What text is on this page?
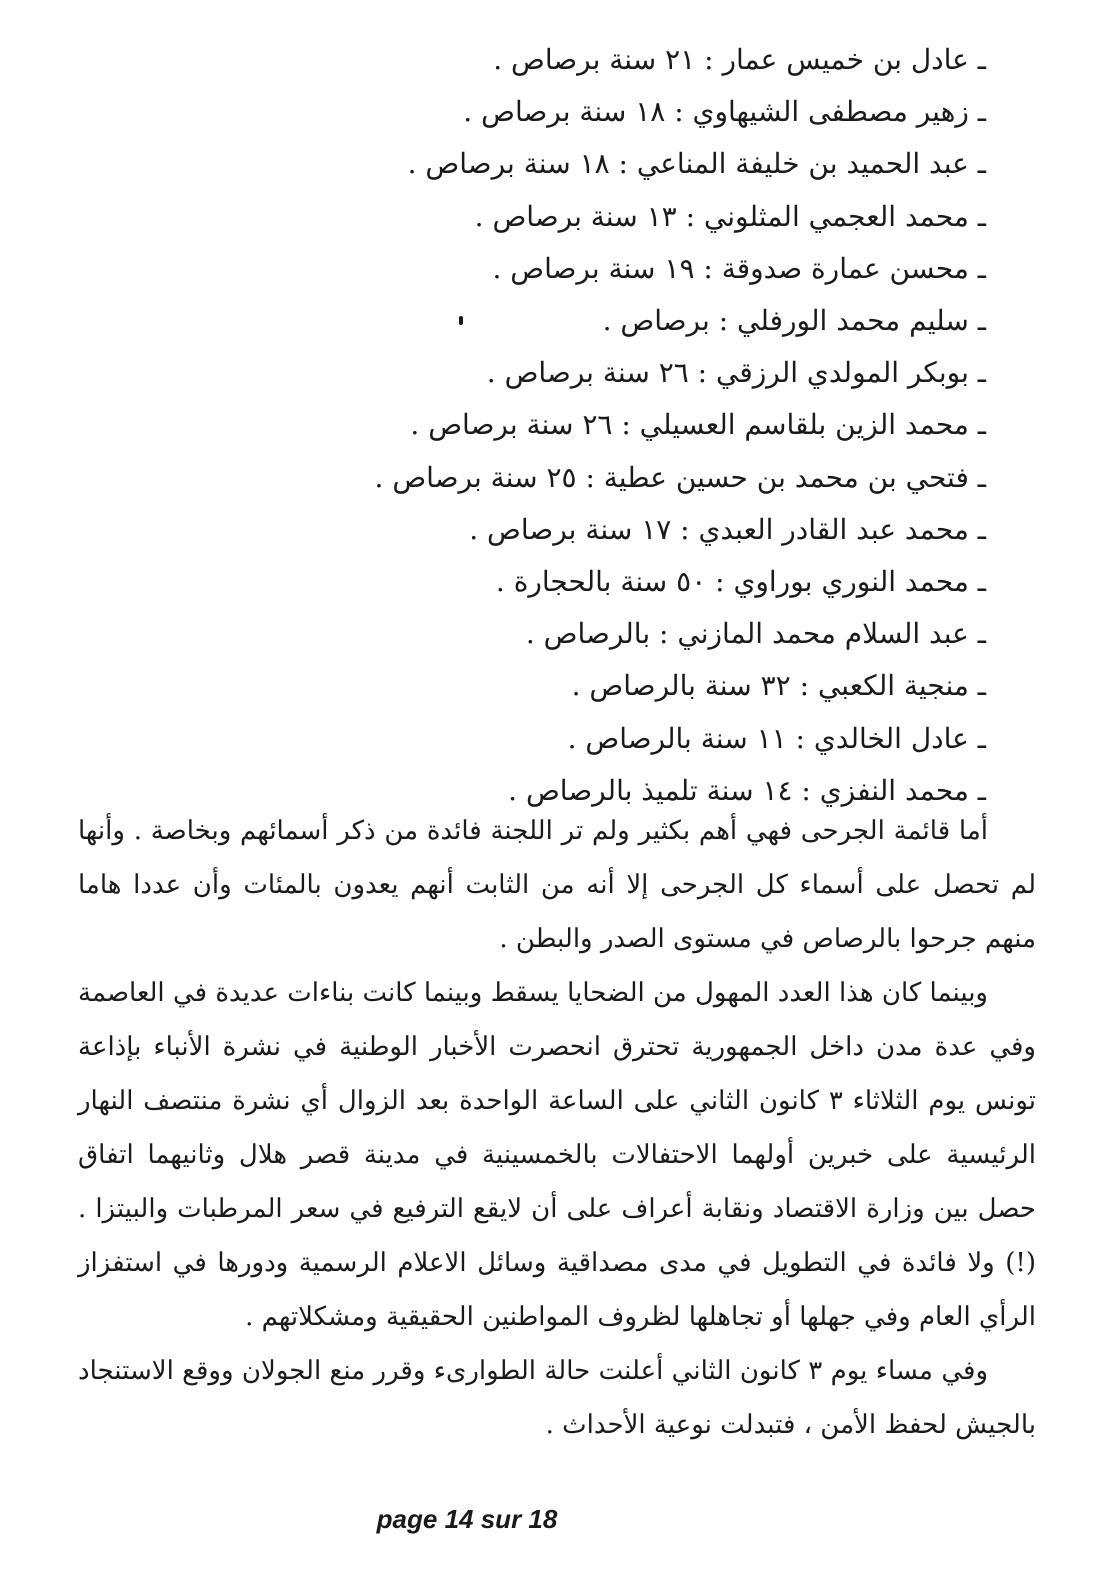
ـ عادل بن خميس عمار : ٢١ سنة برصاص .
ـ زهير مصطفى الشيهاوي : ١٨ سنة برصاص .
ـ عبد الحميد بن خليفة المناعي : ١٨ سنة برصاص .
ـ محمد العجمي المثلوني : ١٣ سنة برصاص .
ـ محسن عمارة صدوقة : ١٩ سنة برصاص .
ـ سليم محمد الورفلي : برصاص .
ـ بوبكر المولدي الرزقي : ٢٦ سنة برصاص .
ـ محمد الزين بلقاسم العسيلي : ٢٦ سنة برصاص .
ـ فتحي بن محمد بن حسين عطية : ٢٥ سنة برصاص .
ـ محمد عبد القادر العبدي : ١٧ سنة برصاص .
ـ محمد النوري بوراوي : ٥٠ سنة بالحجارة .
ـ عبد السلام محمد المازني : بالرصاص .
ـ منجية الكعبي : ٣٢ سنة بالرصاص .
ـ عادل الخالدي : ١١ سنة بالرصاص .
ـ محمد النفزي : ١٤ سنة تلميذ بالرصاص .

أما قائمة الجرحى فهي أهم بكثير ولم تر اللجنة فائدة من ذكر أسمائهم وبخاصة . وأنها لم تحصل على أسماء كل الجرحى إلا أنه من الثابت أنهم يعدون بالمئات وأن عددا هاما منهم جرحوا بالرصاص في مستوى الصدر والبطن .

وبينما كان هذا العدد المهول من الضحايا يسقط وبينما كانت بناءات عديدة في العاصمة وفي عدة مدن داخل الجمهورية تحترق انحصرت الأخبار الوطنية في نشرة الأنباء بإذاعة تونس يوم الثلاثاء ٣ كانون الثاني على الساعة الواحدة بعد الزوال أي نشرة منتصف النهار الرئيسية على خبرين أولهما الاحتفالات بالخمسينية في مدينة قصر هلال وثانيهما اتفاق حصل بين وزارة الاقتصاد ونقابة أعراف على أن لايقع الترفيع في سعر المرطبات والبيتزا . (!) ولا فائدة في التطويل في مدى مصداقية وسائل الاعلام الرسمية ودورها في استفزاز الرأي العام وفي جهلها أو تجاهلها لظروف المواطنين الحقيقية ومشكلاتهم .

وفي مساء يوم ٣ كانون الثاني أعلنت حالة الطوارىء وقرر منع الجولان ووقع الاستنجاد بالجيش لحفظ الأمن ، فتبدلت نوعية الأحداث .

page 14 sur 18
